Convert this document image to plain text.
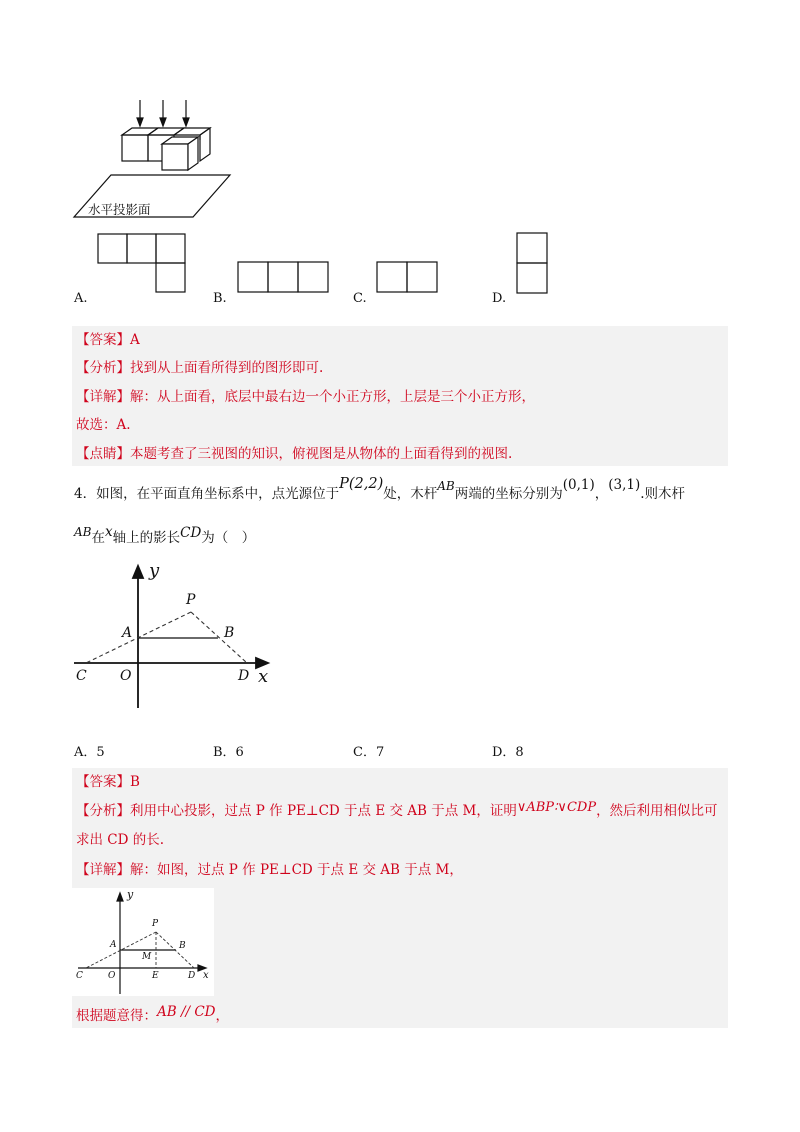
水平投影面
A.	B.	C.	D.
【答案】A
【分析】找到从上面看所得到的图形即可.
【详解】解：从上面看，底层中最右边一个小正方形，上层是三个小正方形，
故选：A.
【点睛】本题考查了三视图的知识，俯视图是从物体的上面看得到的视图.
4．如图，在平面直角坐标系中，点光源位于P(2,2)处，木杆AB两端的坐标分别为(0,1)，(3,1).则木杆
AB在x轴上的影长CD为（　）
y
x
P
A	B
C O	D
A．5	B．6	C．7	D．8
【答案】B
【分析】利用中心投影，过点 P 作 PE⊥CD 于点 E 交 AB 于点 M，证明∨ABP∶∨CDP，然后利用相似比可
求出 CD 的长.
【详解】解：如图，过点 P 作 PE⊥CD 于点 E 交 AB 于点 M，
y
P
A	B
M
C	O	E	D x
根据题意得：AB // CD，
